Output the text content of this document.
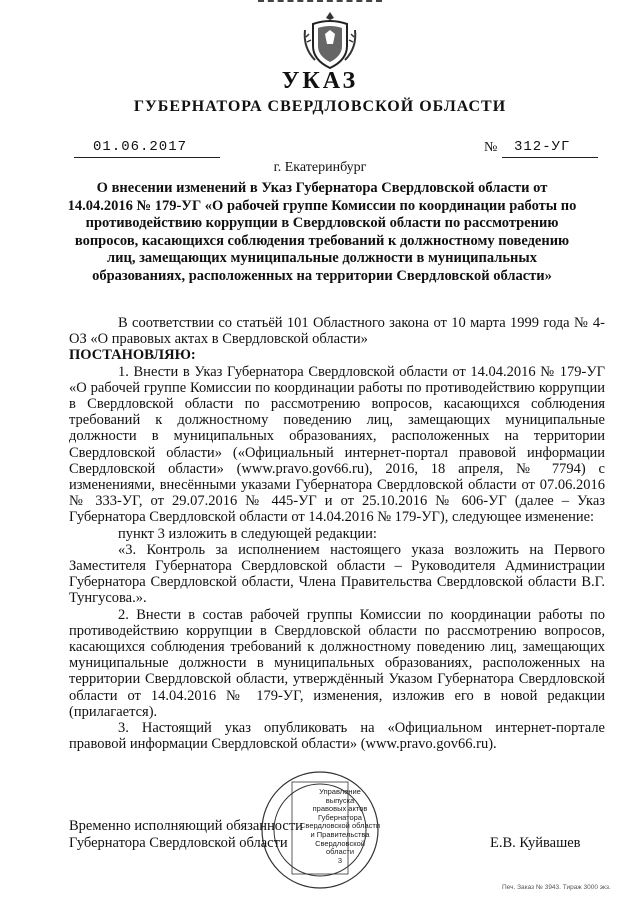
УКАЗ
ГУБЕРНАТОРА СВЕРДЛОВСКОЙ ОБЛАСТИ
01.06.2017	№ 312-УГ
г. Екатеринбург
О внесении изменений в Указ Губернатора Свердловской области от 14.04.2016 № 179-УГ «О рабочей группе Комиссии по координации работы по противодействию коррупции в Свердловской области по рассмотрению вопросов, касающихся соблюдения требований к должностному поведению лиц, замещающих муниципальные должности в муниципальных образованиях, расположенных на территории Свердловской области»

В соответствии со статьёй 101 Областного закона от 10 марта 1999 года № 4-ОЗ «О правовых актах в Свердловской области»

ПОСТАНОВЛЯЮ:

1. Внести в Указ Губернатора Свердловской области от 14.04.2016 № 179-УГ «О рабочей группе Комиссии по координации работы по противодействию коррупции в Свердловской области по рассмотрению вопросов, касающихся соблюдения требований к должностному поведению лиц, замещающих муниципальные должности в муниципальных образованиях, расположенных на территории Свердловской области» («Официальный интернет-портал правовой информации Свердловской области» (www.pravo.gov66.ru), 2016, 18 апреля, № 7794) с изменениями, внесёнными указами Губернатора Свердловской области от 07.06.2016 № 333-УГ, от 29.07.2016 № 445-УГ и от 25.10.2016 № 606-УГ (далее – Указ Губернатора Свердловской области от 14.04.2016 № 179-УГ), следующее изменение:

пункт 3 изложить в следующей редакции:

«3. Контроль за исполнением настоящего указа возложить на Первого Заместителя Губернатора Свердловской области – Руководителя Администрации Губернатора Свердловской области, Члена Правительства Свердловской области В.Г. Тунгусова.».

2. Внести в состав рабочей группы Комиссии по координации работы по противодействию коррупции в Свердловской области по рассмотрению вопросов, касающихся соблюдения требований к должностному поведению лиц, замещающих муниципальные должности в муниципальных образованиях, расположенных на территории Свердловской области, утверждённый Указом Губернатора Свердловской области от 14.04.2016 № 179-УГ, изменения, изложив его в новой редакции (прилагается).

3. Настоящий указ опубликовать на «Официальном интернет-портале правовой информации Свердловской области» (www.pravo.gov66.ru).

Управление
выпуска
правовых актов
Губернатора
Свердловской области
и Правительства
Свердловской
области
3
Временно исполняющий обязанности
Губернатора Свердловской области	Е.В. Куйвашев
Печ. Заказ № 3943. Тираж 3000 экз.
